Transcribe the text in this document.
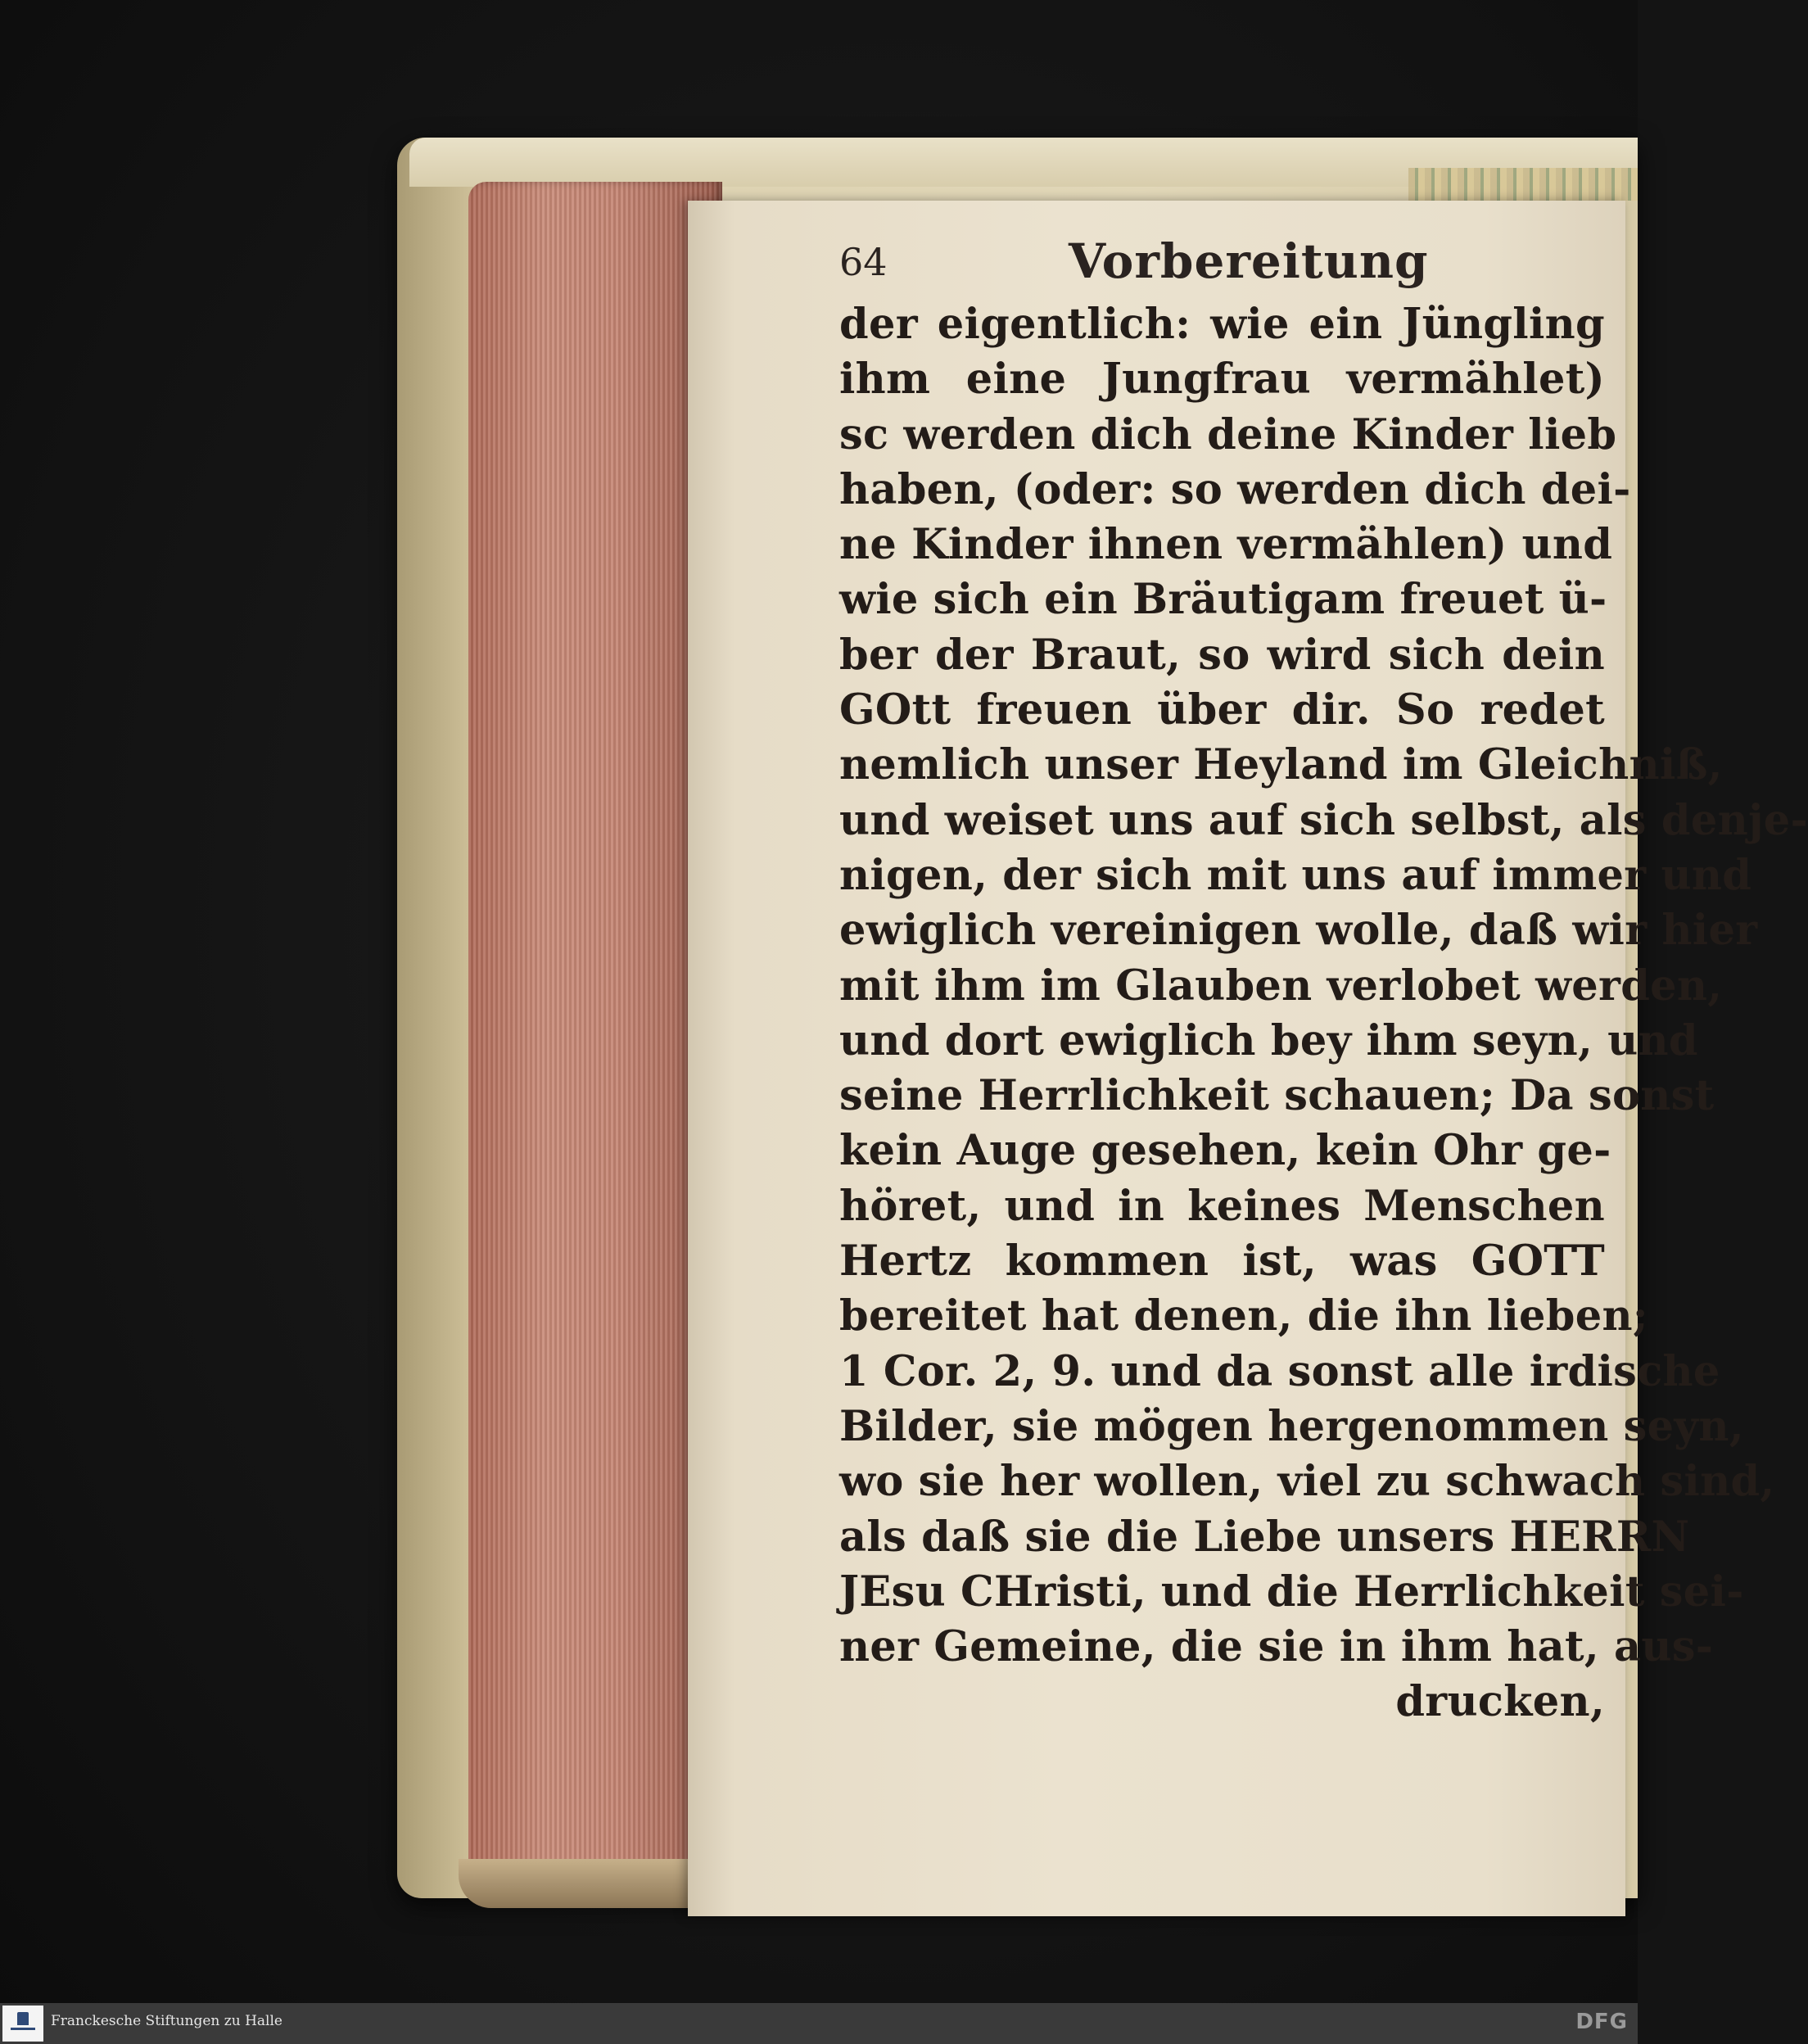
64	Vorbereitung
der eigentlich: wie ein Jüngling
ihm eine Jungfrau vermählet)
sc werden dich deine Kinder lieb
haben, (oder: so werden dich dei-
ne Kinder ihnen vermählen) und
wie sich ein Bräutigam freuet ü-
ber der Braut, so wird sich dein
GOtt freuen über dir. So redet
nemlich unser Heyland im Gleichniß,
und weiset uns auf sich selbst, als denje-
nigen, der sich mit uns auf immer und
ewiglich vereinigen wolle, daß wir hier
mit ihm im Glauben verlobet werden,
und dort ewiglich bey ihm seyn, und
seine Herrlichkeit schauen; Da sonst
kein Auge gesehen, kein Ohr ge-
höret, und in keines Menschen
Hertz kommen ist, was GOTT
bereitet hat denen, die ihn lieben;
1 Cor. 2, 9. und da sonst alle irdische
Bilder, sie mögen hergenommen seyn,
wo sie her wollen, viel zu schwach sind,
als daß sie die Liebe unsers HERRN
JEsu CHristi, und die Herrlichkeit sei-
ner Gemeine, die sie in ihm hat, aus-
drucken,
Franckesche Stiftungen zu Halle	DFG
